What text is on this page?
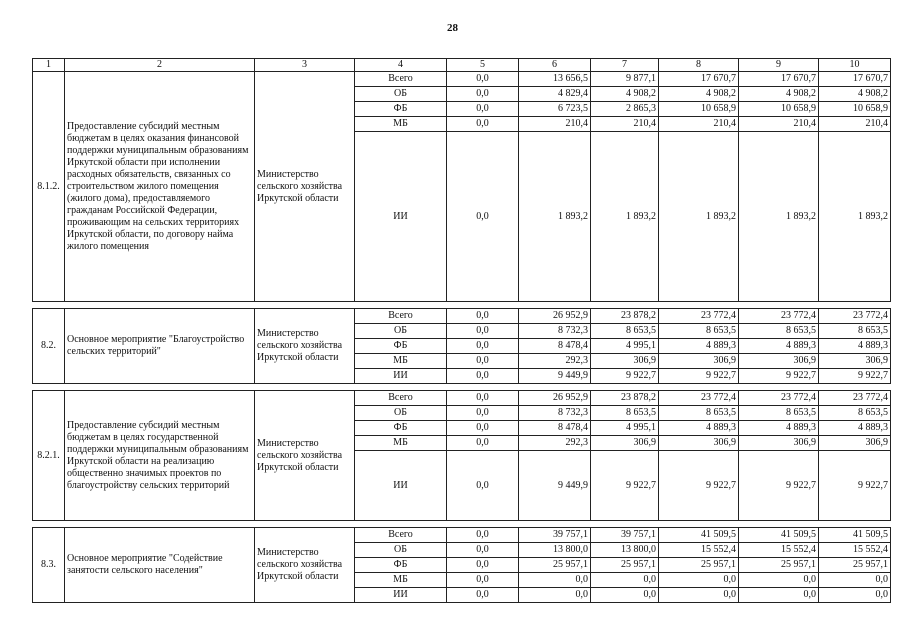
28
1	2	3	4	5	6	7	8	9	10
8.1.2.	Предоставление субсидий местным бюджетам в целях оказания финансовой поддержки муниципальным образованиям Иркутской области при исполнении расходных обязательств, связанных со строительством жилого помещения (жилого дома), предоставляемого гражданам Российской Федерации, проживающим на сельских территориях Иркутской области, по договору найма жилого помещения	Министерство сельского хозяйства Иркутской области	Всего	0,0	13 656,5	9 877,1	17 670,7	17 670,7	17 670,7
			ОБ	0,0	4 829,4	4 908,2	4 908,2	4 908,2	4 908,2
			ФБ	0,0	6 723,5	2 865,3	10 658,9	10 658,9	10 658,9
			МБ	0,0	210,4	210,4	210,4	210,4	210,4
			ИИ	0,0	1 893,2	1 893,2	1 893,2	1 893,2	1 893,2

8.2.	Основное мероприятие "Благоустройство сельских территорий"	Министерство сельского хозяйства Иркутской области	Всего	0,0	26 952,9	23 878,2	23 772,4	23 772,4	23 772,4
			ОБ	0,0	8 732,3	8 653,5	8 653,5	8 653,5	8 653,5
			ФБ	0,0	8 478,4	4 995,1	4 889,3	4 889,3	4 889,3
			МБ	0,0	292,3	306,9	306,9	306,9	306,9
			ИИ	0,0	9 449,9	9 922,7	9 922,7	9 922,7	9 922,7

8.2.1.	Предоставление субсидий местным бюджетам в целях государственной поддержки муниципальным образованиям Иркутской области на реализацию общественно значимых проектов по благоустройству сельских территорий	Министерство сельского хозяйства Иркутской области	Всего	0,0	26 952,9	23 878,2	23 772,4	23 772,4	23 772,4
			ОБ	0,0	8 732,3	8 653,5	8 653,5	8 653,5	8 653,5
			ФБ	0,0	8 478,4	4 995,1	4 889,3	4 889,3	4 889,3
			МБ	0,0	292,3	306,9	306,9	306,9	306,9
			ИИ	0,0	9 449,9	9 922,7	9 922,7	9 922,7	9 922,7

8.3.	Основное мероприятие "Содействие занятости сельского населения"	Министерство сельского хозяйства Иркутской области	Всего	0,0	39 757,1	39 757,1	41 509,5	41 509,5	41 509,5
			ОБ	0,0	13 800,0	13 800,0	15 552,4	15 552,4	15 552,4
			ФБ	0,0	25 957,1	25 957,1	25 957,1	25 957,1	25 957,1
			МБ	0,0	0,0	0,0	0,0	0,0	0,0
			ИИ	0,0	0,0	0,0	0,0	0,0	0,0
